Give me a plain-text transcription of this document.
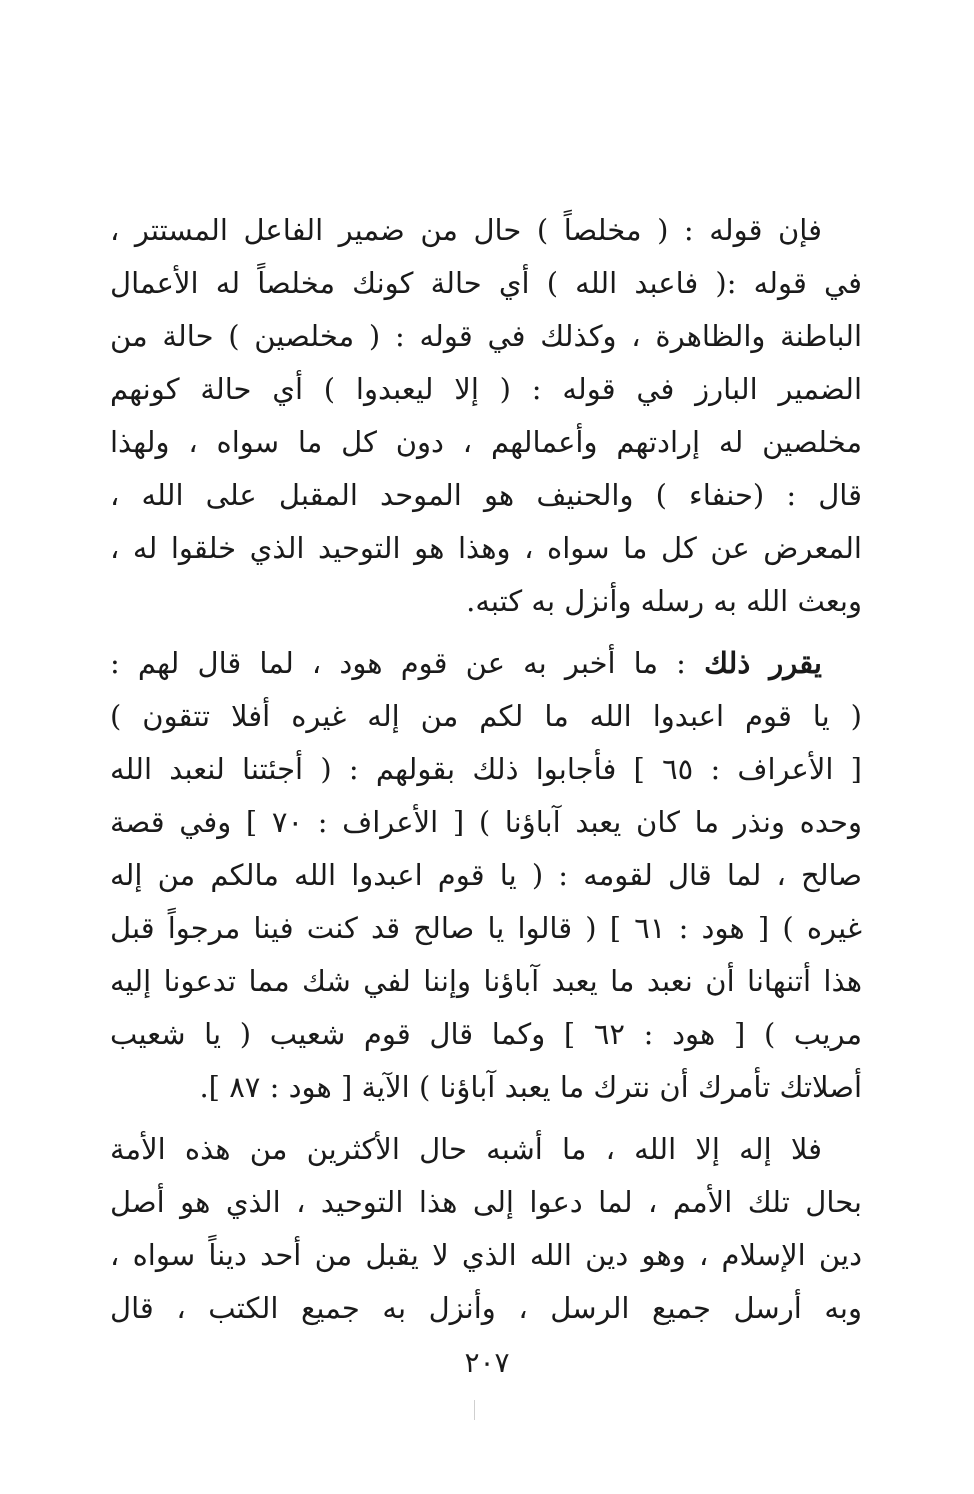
فإن قوله : ( مخلصاً ) حال من ضمير الفاعل المستتر ،
في قوله :( فاعبد الله ) أي حالة كونك مخلصاً له الأعمال
الباطنة والظاهرة ، وكذلك في قوله : ( مخلصين ) حالة من
الضمير البارز في قوله : ( إلا ليعبدوا ) أي حالة كونهم
مخلصين له إرادتهم وأعمالهم ، دون كل ما سواه ، ولهذا
قال : (حنفاء ) والحنيف هو الموحد المقبل على الله ،
المعرض عن كل ما سواه ، وهذا هو التوحيد الذي خلقوا له ،
وبعث الله به رسله وأنزل به كتبه.
يقرر ذلك : ما أخبر به عن قوم هود ، لما قال لهم :
( يا قوم اعبدوا الله ما لكم من إله غيره أفلا تتقون )
[ الأعراف : ٦٥ ] فأجابوا ذلك بقولهم : ( أجئتنا لنعبد الله
وحده ونذر ما كان يعبد آباؤنا ) [ الأعراف : ٧٠ ] وفي قصة
صالح ، لما قال لقومه : ( يا قوم اعبدوا الله مالكم من إله
غيره ) [ هود : ٦١ ] ( قالوا يا صالح قد كنت فينا مرجواً قبل
هذا أتنهانا أن نعبد ما يعبد آباؤنا وإننا لفي شك مما تدعونا إليه
مريب ) [ هود : ٦٢ ] وكما قال قوم شعيب ( يا شعيب
أصلاتك تأمرك أن نترك ما يعبد آباؤنا ) الآية [ هود : ٨٧ ].
فلا إله إلا الله ، ما أشبه حال الأكثرين من هذه الأمة
بحال تلك الأمم ، لما دعوا إلى هذا التوحيد ، الذي هو أصل
دين الإسلام ، وهو دين الله الذي لا يقبل من أحد ديناً سواه ،
وبه أرسل جميع الرسل ، وأنزل به جميع الكتب ، قال
٢٠٧
